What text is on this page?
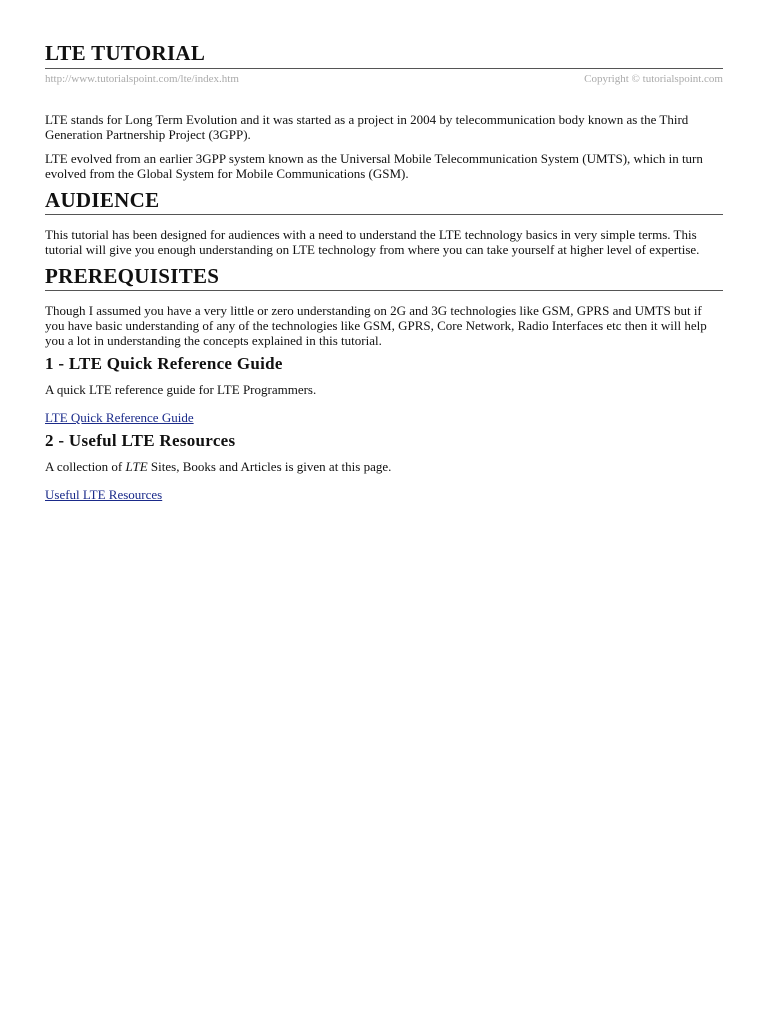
LTE TUTORIAL
http://www.tutorialspoint.com/lte/index.htm	Copyright © tutorialspoint.com

LTE stands for Long Term Evolution and it was started as a project in 2004 by telecommunication body known as the Third Generation Partnership Project (3GPP).

LTE evolved from an earlier 3GPP system known as the Universal Mobile Telecommunication System (UMTS), which in turn evolved from the Global System for Mobile Communications (GSM).

AUDIENCE

This tutorial has been designed for audiences with a need to understand the LTE technology basics in very simple terms. This tutorial will give you enough understanding on LTE technology from where you can take yourself at higher level of expertise.

PREREQUISITES

Though I assumed you have a very little or zero understanding on 2G and 3G technologies like GSM, GPRS and UMTS but if you have basic understanding of any of the technologies like GSM, GPRS, Core Network, Radio Interfaces etc then it will help you a lot in understanding the concepts explained in this tutorial.

1 - LTE Quick Reference Guide

A quick LTE reference guide for LTE Programmers.

LTE Quick Reference Guide

2 - Useful LTE Resources

A collection of LTE Sites, Books and Articles is given at this page.

Useful LTE Resources
